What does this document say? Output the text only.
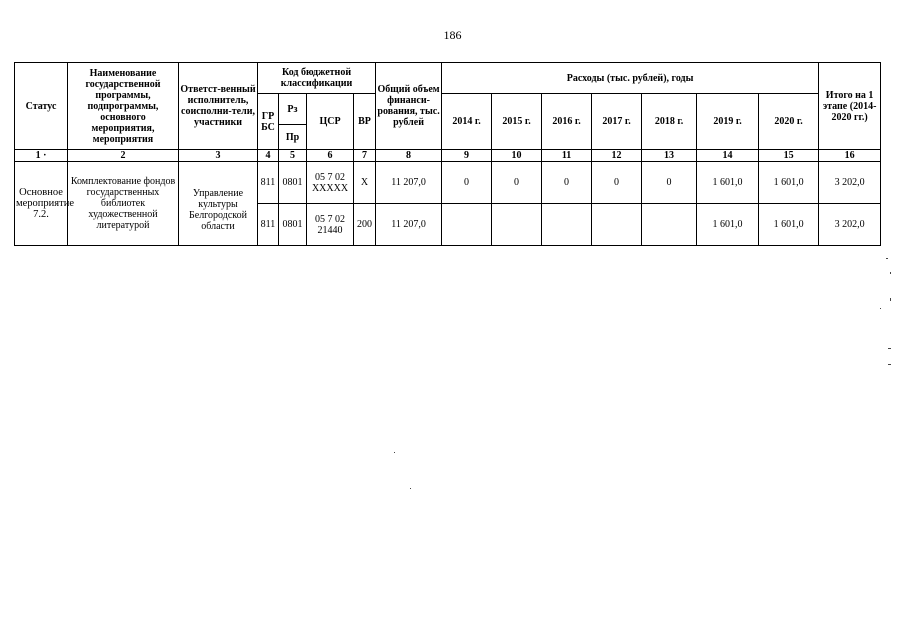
186
Статус	Наименование государственной программы, подпрограммы, основного мероприятия, мероприятия	Ответст-венный исполнитель, соисполни-тели, участники	Код бюджетной классификации				Общий объем финанси-рования, тыс. рублей	Расходы (тыс. рублей), годы							Итого на 1 этапе (2014-2020 гг.)
			ГР БС	Рз	ЦСР	ВР		2014 г.	2015 г.	2016 г.	2017 г.	2018 г.	2019 г.	2020 г.	
				Пр											
1 ·	2	3	4	5	6	7	8	9	10	11	12	13	14	15	16
Основное мероприятие 7.2.	Комплектование фондов государственных библиотек художественной литературой	Управление культуры Белгородской области	811	0801	05 7 02 XXXXX	Х	11 207,0	0	0	0	0	0	1 601,0	1 601,0	3 202,0
			811	0801	05 7 02 21440	200	11 207,0						1 601,0	1 601,0	3 202,0
